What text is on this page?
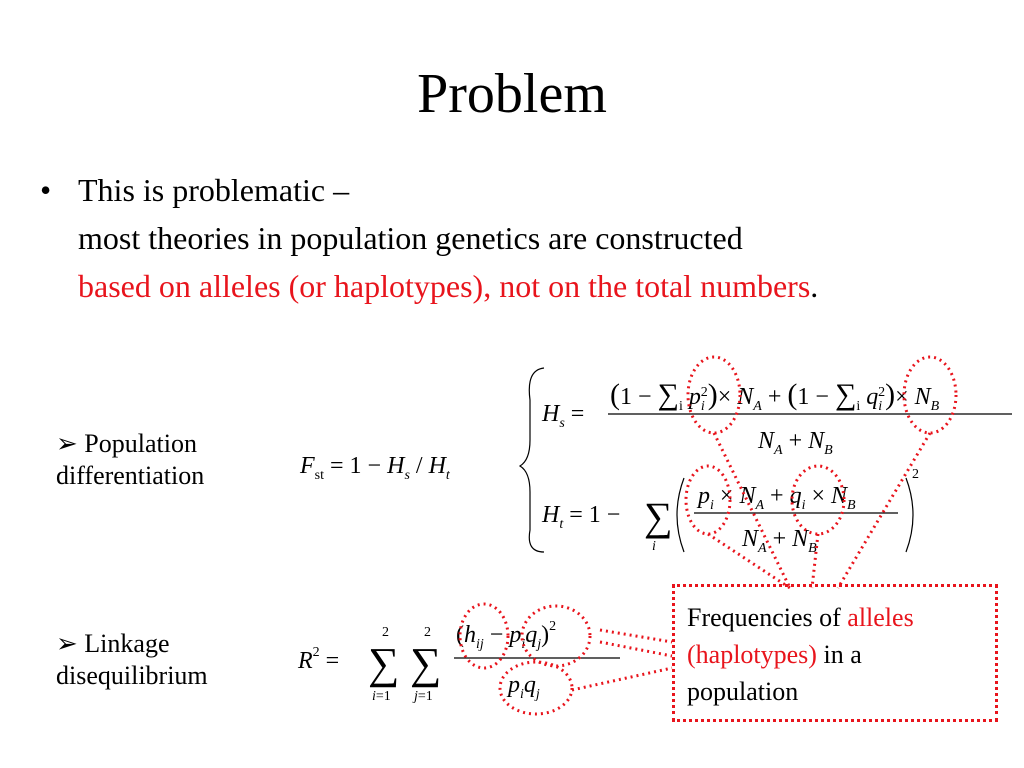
Problem
• This is problematic –
most theories in population genetics are constructed
based on alleles (or haplotypes), not on the total numbers.
➢ Population
differentiation
➢ Linkage
disequilibrium
$F_{st} = 1 - H_s / H_t$
$H_s$ =
($1 - \sum_i$ $p_i2)\times N_A + (1 - \sum_i$ $q_i2)\times N_B$
$N_A + N_B$
$H_t = 1$ − ∑
i
$p_i \times N_A + q_i \times N_B$
$N_A + N_B$
2
$R^2$ =
2
∑
i=1
2
∑
j=1
$(h_{ij} - p_iq_j)^2$
$p_iq_j$
Frequencies of alleles
(haplotypes) in a
population
